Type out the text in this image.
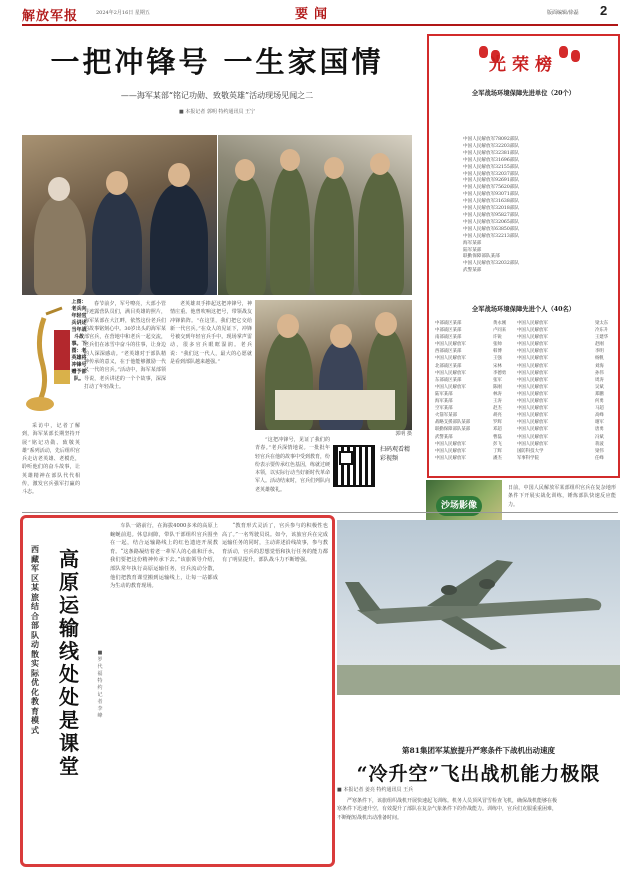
解放军报	2024年2月16日 星期五	要闻	版面编辑/徐磊 2
一把冲锋号 一生家国情
——海军某部“铭记功勋、致敬英雄”活动现场见闻之二
■ 本报记者 郭明 特约通讯员 王宁
上图：老兵向年轻官兵讲述当年战斗故事。下图：老英雄将冲锋号赠予部队。

春节前夕，军号嘹亮，大部小管寻迹露营队员们，满目英雄的照片，海军某部在大江畔，依然这份老兵们的故事铭刻心中。30岁出头的海军某部官兵，在营地中和老兵一起交流，老兵们在冰雪中奋斗的往事，让身边的人深深感动。“老英雄对于部队精神传承的意义，在于他能够激励一代又一代的官兵。”活动中，海军某部领导说，老兵讲述的一个个故事，深深打动了年轻战士。

老英雄双手捧起这把冲锋号，神情庄重。他曾吹响这把号，带领战友冲锋陷阵。“在这里，我们把它交给新一代官兵。”在众人的见证下，冲锋号被交到年轻官兵手中。现场掌声雷动，很多官兵眼眶湿润。老兵说：“我们这一代人，最大的心愿就是看到部队越来越强。”

“这把冲锋号，见证了我们的青春。”老兵深情地说。一批批年轻官兵在他的故事中受到教育，纷纷表示要传承红色基因，练就过硬本领，以实际行动当好新时代革命军人。活动结束时，官兵们列队向老英雄敬礼。

采访中，记者了解到，海军某部长期坚持开展“铭记功勋、致敬英雄”系列活动，先后组织官兵走访老英雄、老模范，聆听他们的奋斗故事，让英雄精神在部队代代相传，激发官兵强军打赢的斗志。

郭明 摄
扫码观看精彩视频
光荣榜
全军战场环境保障先进单位（20个）
中国人民解放军78092部队
中国人民解放军32203部队
中国人民解放军32381部队
中国人民解放军31696部队
中国人民解放军32155部队
中国人民解放军32037部队
中国人民解放军92691部队
中国人民解放军75620部队
中国人民解放军93071部队
中国人民解放军31638部队
中国人民解放军32018部队
中国人民解放军95827部队
中国人民解放军32065部队
中国人民解放军63850部队
中国人民解放军32213部队
海军某部
陆军某部
联勤保障部队某部
中国人民解放军32032部队
武警某部
全军战场环境保障先进个人（40名）
中部战区某部	黄永刚	中国人民解放军	梁太东
中部战区某部	卢同来	中国人民解放军	冷东升
南部战区某部	许锐	中国人民解放军	王建华
中国人民解放军	张帅	中国人民解放军	赵刚
西部战区某部	韩博	中国人民解放军	李明
中国人民解放军	王强	中国人民解放军	杨帆
北部战区某部	宋林	中国人民解放军	刘海
中国人民解放军	李德勇	中国人民解放军	孙伟
东部战区某部	张军	中国人民解放军	周涛
中国人民解放军	陈刚	中国人民解放军	吴斌
陆军某部	林涛	中国人民解放军	郑鹏
海军某部	王涛	中国人民解放军	何勇
空军某部	赵杰	中国人民解放军	马超
火箭军某部	胡亮	中国人民解放军	高峰
战略支援部队某部	罗辉	中国人民解放军	谢军
联勤保障部队某部	邓超	中国人民解放军	唐勇
武警某部	曹磊	中国人民解放军	冯斌
中国人民解放军	彭飞	中国人民解放军	蒋波
中国人民解放军	丁辉	国防科技大学	梁伟
中国人民解放军	潘杰	军事科学院	任峰
沙场影像
日前，中国人民解放军某部组织官兵在复杂地形条件下开展实战化训练，锤炼部队快速反应能力。
西藏军区某旅结合部队动散实际优化教育模式
高原运输线 处处是课堂
■ 罗代福 特约记者 李峰

车队一路前行，在海拔4000多米的高原上蜿蜒前进。休息间隙，带队干部组织官兵围坐在一起，结合运输路线上的红色遗迹开展教育。“这条路凝结着老一辈军人的心血和汗水，我们要把这份精神传承下去。”该旅领导介绍，部队常年执行高原运输任务，官兵流动分散，他们把教育课堂搬到运输线上，让每一站都成为生动的教育现场。

“教育形式灵活了，官兵参与的积极性也高了。”一名驾驶员说。如今，该旅官兵在完成运输任务的同时，主动讲述沿线故事，参与教育活动，官兵的思想觉悟和执行任务的能力都有了明显提升，部队战斗力不断增强。

第81集团军某旅提升严寒条件下战机出动速度
“冷升空”飞出战机能力极限
■ 本报记者 姜亮 特约通讯员 王兵

严寒条件下，该旅组织战机开展快速起飞训练。机务人员顶风冒雪检查飞机，确保战机能够在极寒条件下迅速升空，有效提升了部队在复杂气象条件下的作战能力。训练中，官兵们克服重重困难，不断缩短战机出动准备时间。
